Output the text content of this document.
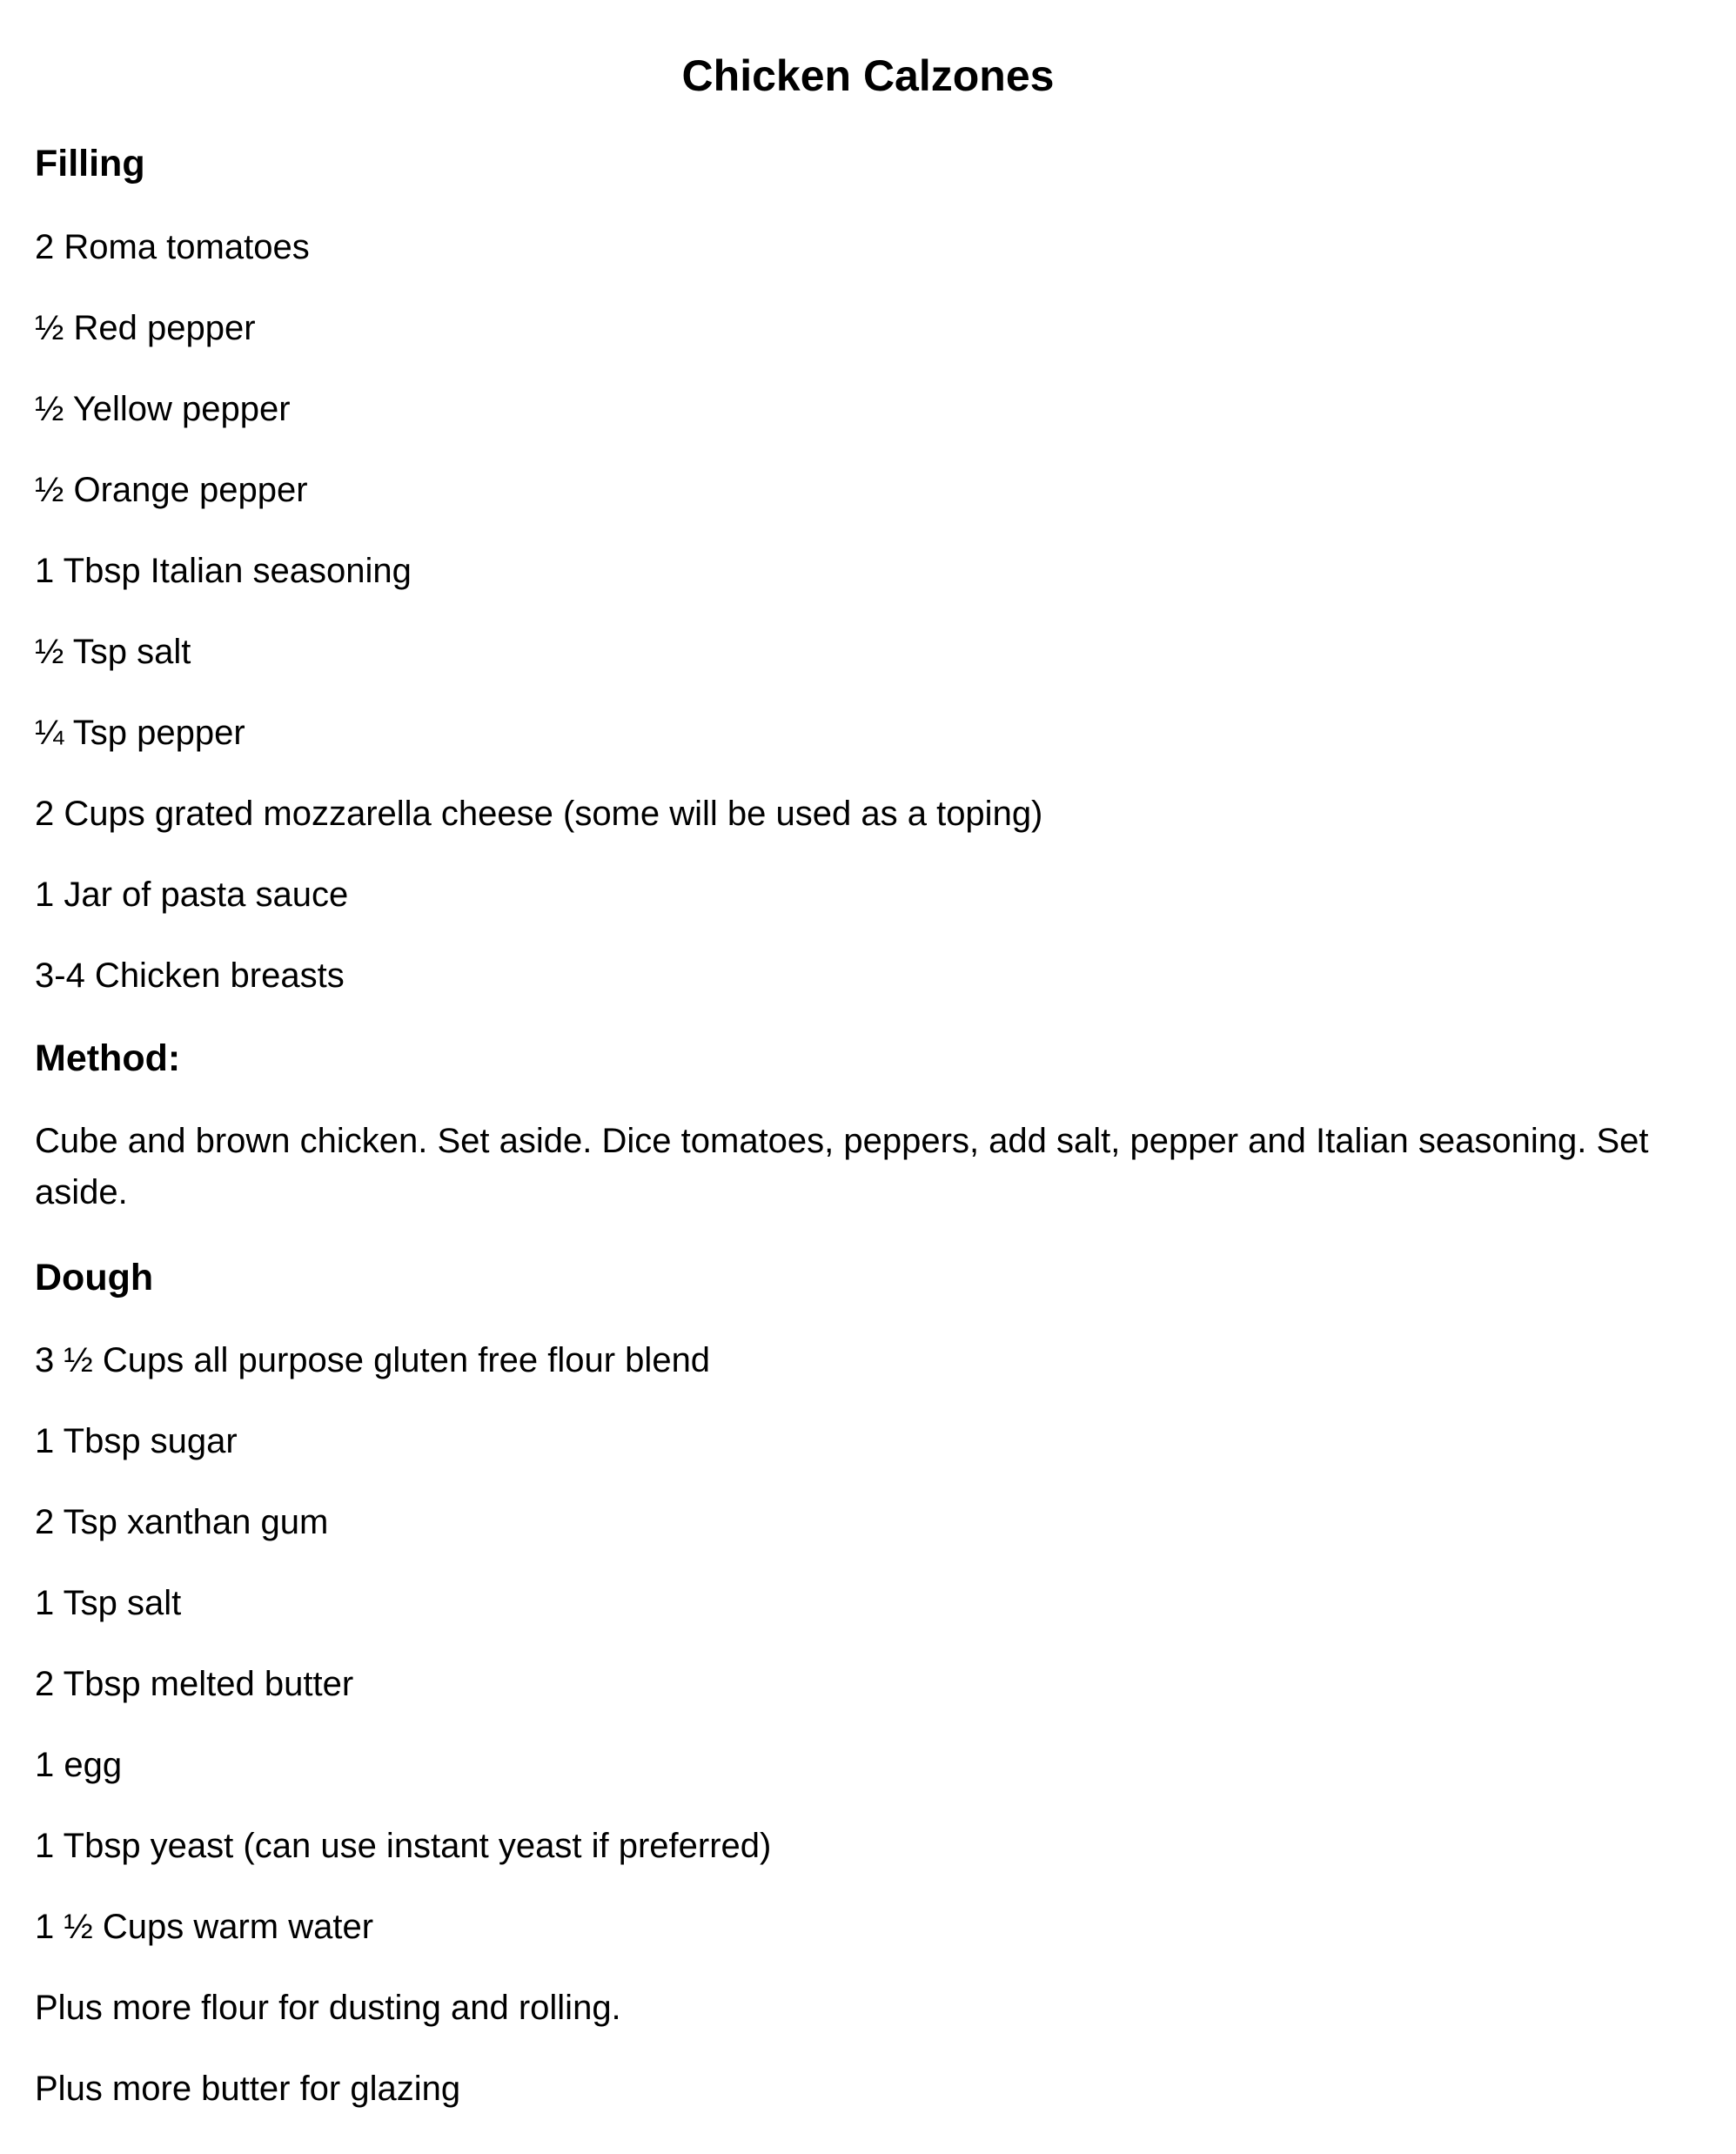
Chicken Calzones
Filling

2 Roma tomatoes

½ Red pepper

½ Yellow pepper

½ Orange pepper

1 Tbsp Italian seasoning

½ Tsp salt

¼ Tsp pepper

2 Cups grated mozzarella cheese (some will be used as a toping)

1 Jar of pasta sauce

3-4 Chicken breasts

Method:

Cube and brown chicken. Set aside. Dice tomatoes, peppers, add salt, pepper and Italian seasoning. Set aside.

Dough

3 ½ Cups all purpose gluten free flour blend

1 Tbsp sugar

2 Tsp xanthan gum

1 Tsp salt

2 Tbsp melted butter

1 egg

1 Tbsp yeast (can use instant yeast if preferred)

1 ½ Cups warm water

Plus more flour for dusting and rolling.

Plus more butter for glazing
